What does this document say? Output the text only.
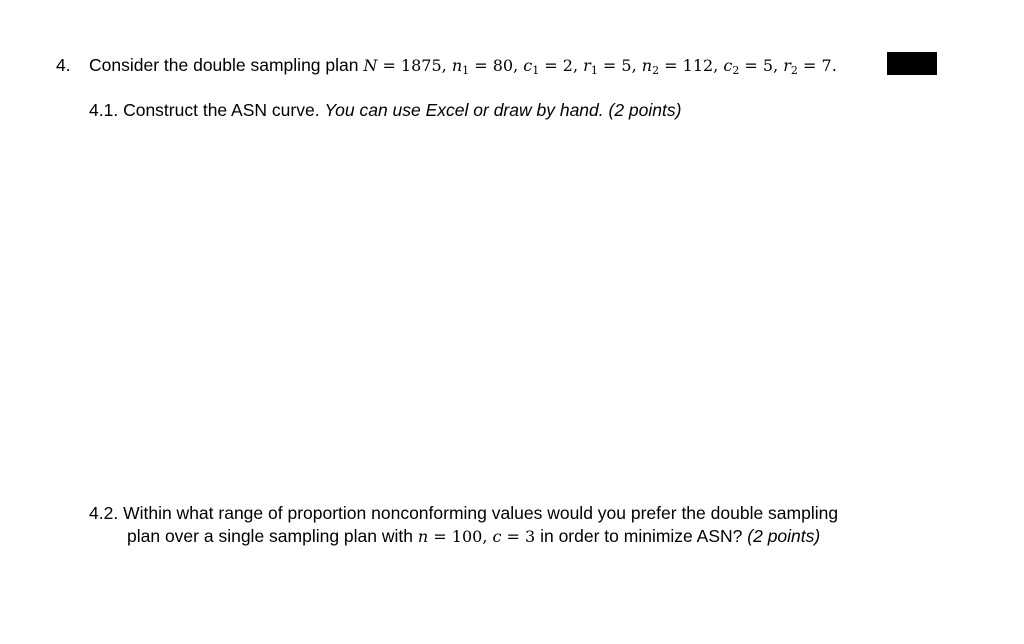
4. Consider the double sampling plan N = 1875, $n_1 = 80$, $c_1 = 2$, $r_1 = 5$, $n_2 = 112$, $c_2 = 5$, $r_2 = 7$.
4.1. Construct the ASN curve. You can use Excel or draw by hand. (2 points)
4.2. Within what range of proportion nonconforming values would you prefer the double sampling
plan over a single sampling plan with n = 100, c = 3 in order to minimize ASN? (2 points)
